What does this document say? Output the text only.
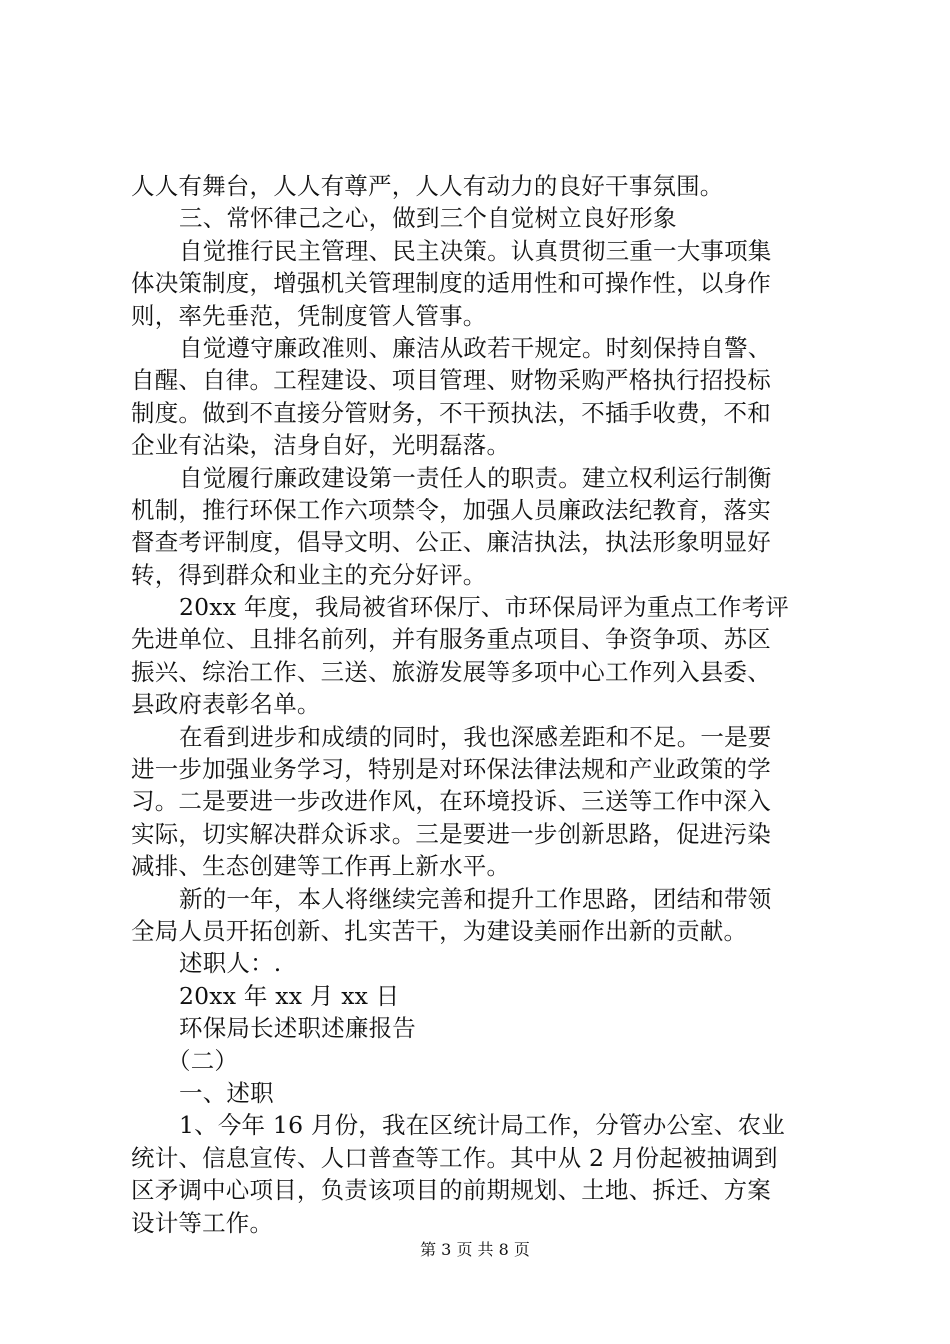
人人有舞台，人人有尊严，人人有动力的良好干事氛围。
三、常怀律己之心，做到三个自觉树立良好形象
自觉推行民主管理、民主决策。认真贯彻三重一大事项集
体决策制度，增强机关管理制度的适用性和可操作性，以身作
则，率先垂范，凭制度管人管事。
自觉遵守廉政准则、廉洁从政若干规定。时刻保持自警、
自醒、自律。工程建设、项目管理、财物采购严格执行招投标
制度。做到不直接分管财务，不干预执法，不插手收费，不和
企业有沾染，洁身自好，光明磊落。
自觉履行廉政建设第一责任人的职责。建立权利运行制衡
机制，推行环保工作六项禁令，加强人员廉政法纪教育，落实
督查考评制度，倡导文明、公正、廉洁执法，执法形象明显好
转，得到群众和业主的充分好评。
20xx 年度，我局被省环保厅、市环保局评为重点工作考评
先进单位、且排名前列，并有服务重点项目、争资争项、苏区
振兴、综治工作、三送、旅游发展等多项中心工作列入县委、
县政府表彰名单。
在看到进步和成绩的同时，我也深感差距和不足。一是要
进一步加强业务学习，特别是对环保法律法规和产业政策的学
习。二是要进一步改进作风，在环境投诉、三送等工作中深入
实际，切实解决群众诉求。三是要进一步创新思路，促进污染
减排、生态创建等工作再上新水平。
新的一年，本人将继续完善和提升工作思路，团结和带领
全局人员开拓创新、扎实苦干，为建设美丽作出新的贡献。
述职人：.
20xx 年 xx 月 xx 日
环保局长述职述廉报告
（二）
一、述职
1、今年 16 月份，我在区统计局工作，分管办公室、农业
统计、信息宣传、人口普查等工作。其中从 2 月份起被抽调到
区矛调中心项目，负责该项目的前期规划、土地、拆迁、方案
设计等工作。
第 3 页 共 8 页
